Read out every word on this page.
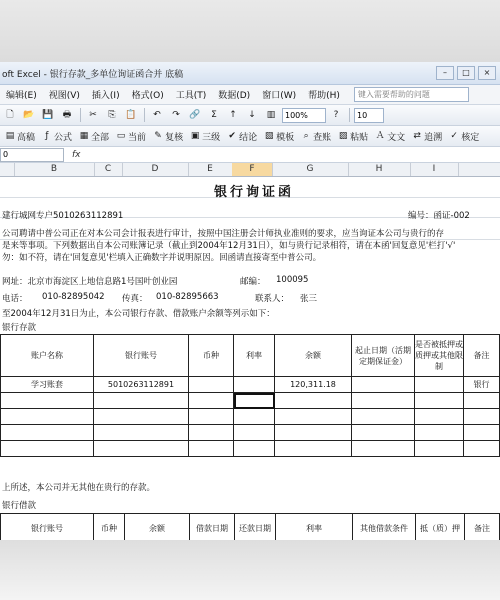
oft Excel - 银行存款_多单位询证函合并 底稿	–	□	×
编辑(E)	视图(V)	插入(I)	格式(O)	工具(T)	数据(D)	窗口(W)	帮助(H)	键入需要帮助的问题
🗋 📂 💾 🖶 ✂ ⎘ 📋 ↶ ↷ 🔗	Σ	↑ ↓ ▥	100%	?	10
▤ 高稿	ƒ 公式 ▦ 全部 ▭ 当前 ✎ 复核 ▣ 三级 ✔ 结论 ▧ 模板	⌕ 查账 ▨ 粘贴 Ａ 文文 ⇄ 追溯 ✓ 核定
0	fx
B	C	D	E	F	G	H	I
银行询证函
建行城网专户5010263112891	编号：函证-002
公司聘请中普公司正在对本公司会计报表进行审计，按照中国注册会计师执业准则的要求，应当询证本公司与贵行的存
是来等事项。下列数据出自本公司账簿记录（截止到2004年12月31日），如与贵行记录相符，请在本函'回复意见'栏打'√'
勿：如不符，请在'回复意见'栏填入正确数字并说明原因。回函请直接寄至中普公司。
网址：北京市海淀区上地信息路1号国叶创业园	邮编： 100095
电话： 010-82895042 传真： 010-82895663	联系人： 张三
至2004年12月31日为止，本公司银行存款、借款账户余额等列示如下：
银行存款
账户名称	银行账号	币种	利率	余额	起止日期（活期定期保证金）	是否被抵押或质押或其他限制	备注
学习账套	5010263112891			120,311.18			银行

上所述，本公司并无其他在贵行的存款。
银行借款
银行账号	币种	余额	借款日期	还款日期	利率	其他借款条件	抵（质）押	备注
